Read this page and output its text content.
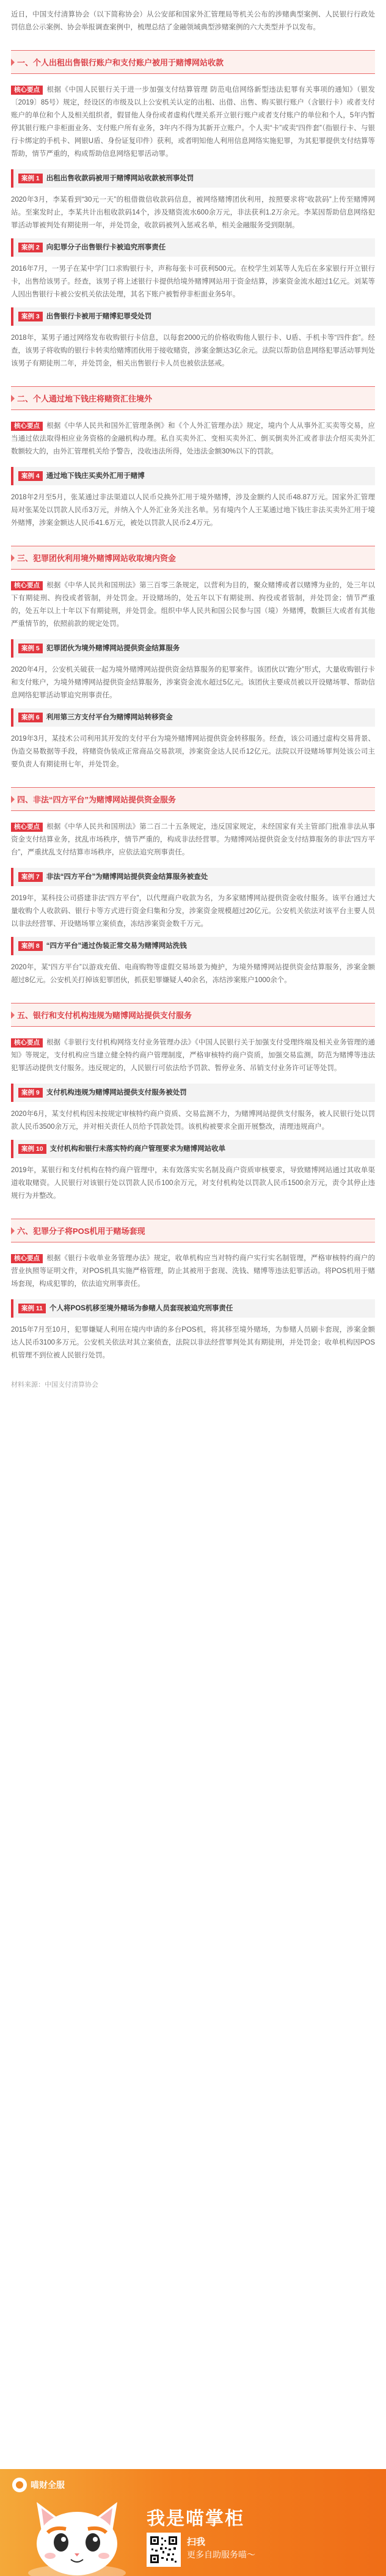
近日，中国支付清算协会（以下简称协会）从公安部和国家外汇管理局等机关公布的涉赌典型案例、人民银行行政处罚信息公示案例、协会举报调查案例中，梳理总结了金融领域典型涉赌案例的六大类型并予以发布。

一、个人出租出售银行账户和支付账户被用于赌博网站收款

核心要点 根据《中国人民银行关于进一步加强支付结算管理 防范电信网络新型违法犯罪有关事项的通知》（银发〔2019〕85号）规定，经设区的市级及以上公安机关认定的出租、出借、出售、购买银行账户（含银行卡）或者支付账户的单位和个人及相关组织者，假冒他人身份或者虚构代理关系开立银行账户或者支付账户的单位和个人，5年内暂停其银行账户非柜面业务、支付账户所有业务，3年内不得为其新开立账户。个人卖“卡”或卖“四件套”（指银行卡、与银行卡绑定的手机卡、网银U盾、身份证复印件）获利，或者明知他人利用信息网络实施犯罪，为其犯罪提供支付结算等帮助，情节严重的，构成帮助信息网络犯罪活动罪。

案例 1 出租出售收款码被用于赌博网站收款被刑事处罚

2020年3月，李某看到“30元一天”的租借微信收款码信息，被网络赌博团伙利用，按照要求将“收款码”上传至赌博网站。至案发时止，李某共计出租收款码14个，涉及赌资流水600余万元，非法获利1.2万余元。李某因帮助信息网络犯罪活动罪被判处有期徒刑一年，并处罚金，收款码被列入惩戒名单，相关金融服务受到限制。

案例 2 向犯罪分子出售银行卡被追究刑事责任

2016年7月，一男子在某中学门口求购银行卡，声称每张卡可获利500元。在校学生刘某等人先后在多家银行开立银行卡，出售给该男子。经查，该男子将上述银行卡提供给境外赌博网站用于资金结算，涉案资金流水超过1亿元。刘某等人因出售银行卡被公安机关依法处理，其名下账户被暂停非柜面业务5年。

案例 3 出售银行卡被用于赌博犯罪受处罚

2018年，某男子通过网络发布收购银行卡信息，以每套2000元的价格收购他人银行卡、U盾、手机卡等“四件套”。经查，该男子将收购的银行卡转卖给赌博团伙用于接收赌资，涉案金额达3亿余元。法院以帮助信息网络犯罪活动罪判处该男子有期徒刑二年，并处罚金，相关出售银行卡人员也被依法惩戒。

二、个人通过地下钱庄将赌资汇往境外

核心要点 根据《中华人民共和国外汇管理条例》和《个人外汇管理办法》规定，境内个人从事外汇买卖等交易，应当通过依法取得相应业务资格的金融机构办理。私自买卖外汇、变相买卖外汇、倒买倒卖外汇或者非法介绍买卖外汇数额较大的，由外汇管理机关给予警告，没收违法所得，处违法金额30%以下的罚款。

案例 4 通过地下钱庄买卖外汇用于赌博

2018年2月至5月，张某通过非法渠道以人民币兑换外汇用于境外赌博，涉及金额约人民币48.87万元。国家外汇管理局对张某处以罚款人民币3万元，并纳入个人外汇业务关注名单。另有境内个人王某通过地下钱庄非法买卖外汇用于境外赌博，涉案金额达人民币41.6万元，被处以罚款人民币2.4万元。

三、犯罪团伙利用境外赌博网站收取境内资金

核心要点 根据《中华人民共和国刑法》第三百零三条规定，以营利为目的，聚众赌博或者以赌博为业的，处三年以下有期徒刑、拘役或者管制，并处罚金。开设赌场的，处五年以下有期徒刑、拘役或者管制，并处罚金；情节严重的，处五年以上十年以下有期徒刑，并处罚金。组织中华人民共和国公民参与国（境）外赌博，数额巨大或者有其他严重情节的，依照前款的规定处罚。

案例 5 犯罪团伙为境外赌博网站提供资金结算服务

2020年4月，公安机关破获一起为境外赌博网站提供资金结算服务的犯罪案件。该团伙以“跑分”形式，大量收购银行卡和支付账户，为境外赌博网站提供资金结算服务，涉案资金流水超过5亿元。该团伙主要成员被以开设赌场罪、帮助信息网络犯罪活动罪追究刑事责任。

案例 6 利用第三方支付平台为赌博网站转移资金

2019年3月，某技术公司利用其开发的支付平台为境外赌博网站提供资金转移服务。经查，该公司通过虚构交易背景、伪造交易数据等手段，将赌资伪装成正常商品交易款项，涉案资金达人民币12亿元。法院以开设赌场罪判处该公司主要负责人有期徒刑七年，并处罚金。

四、非法“四方平台”为赌博网站提供资金服务

核心要点 根据《中华人民共和国刑法》第二百二十五条规定，违反国家规定，未经国家有关主管部门批准非法从事资金支付结算业务，扰乱市场秩序，情节严重的，构成非法经营罪。为赌博网站提供资金支付结算服务的非法“四方平台”，严重扰乱支付结算市场秩序，应依法追究刑事责任。

案例 7 非法“四方平台”为赌博网站提供资金结算服务被查处

2019年，某科技公司搭建非法“四方平台”，以代理商户收款为名，为多家赌博网站提供资金收付服务。该平台通过大量收购个人收款码、银行卡等方式进行资金归集和分发，涉案资金规模超过20亿元。公安机关依法对该平台主要人员以非法经营罪、开设赌场罪立案侦查，冻结涉案资金数千万元。

案例 8 “四方平台”通过伪装正常交易为赌博网站洗钱

2020年，某“四方平台”以游戏充值、电商购物等虚假交易场景为掩护，为境外赌博网站提供资金结算服务，涉案金额超过8亿元。公安机关打掉该犯罪团伙，抓获犯罪嫌疑人40余名，冻结涉案账户1000余个。

五、银行和支付机构违规为赌博网站提供支付服务

核心要点 根据《非银行支付机构网络支付业务管理办法》《中国人民银行关于加强支付受理终端及相关业务管理的通知》等规定，支付机构应当建立健全特约商户管理制度，严格审核特约商户资质，加强交易监测，防范为赌博等违法犯罪活动提供支付服务。违反规定的，人民银行可依法给予罚款、暂停业务、吊销支付业务许可证等处罚。

案例 9 支付机构违规为赌博网站提供支付服务被处罚

2020年6月，某支付机构因未按规定审核特约商户资质、交易监测不力，为赌博网站提供支付服务，被人民银行处以罚款人民币3500余万元，并对相关责任人员给予罚款处罚。该机构被要求全面开展整改，清理违规商户。

案例 10 支付机构和银行未落实特约商户管理要求为赌博网站收单

2019年，某银行和支付机构在特约商户管理中，未有效落实实名制及商户资质审核要求，导致赌博网站通过其收单渠道收取赌资。人民银行对该银行处以罚款人民币100余万元，对支付机构处以罚款人民币1500余万元，责令其停止违规行为并整改。

六、犯罪分子将POS机用于赌场套现

核心要点 根据《银行卡收单业务管理办法》规定，收单机构应当对特约商户实行实名制管理，严格审核特约商户的营业执照等证明文件，对POS机具实施严格管理，防止其被用于套现、洗钱、赌博等违法犯罪活动。将POS机用于赌场套现，构成犯罪的，依法追究刑事责任。

案例 11 个人将POS机移至境外赌场为参赌人员套现被追究刑事责任

2015年7月至10月，犯罪嫌疑人利用在境内申请的多台POS机，将其移至境外赌场，为参赌人员刷卡套现，涉案金额达人民币3100多万元。公安机关依法对其立案侦查，法院以非法经营罪判处其有期徒刑，并处罚金；收单机构因POS机管理不到位被人民银行处罚。

材料来源：中国支付清算协会

喵财全服
我是喵掌柜
扫我
更多自助服务喵～
